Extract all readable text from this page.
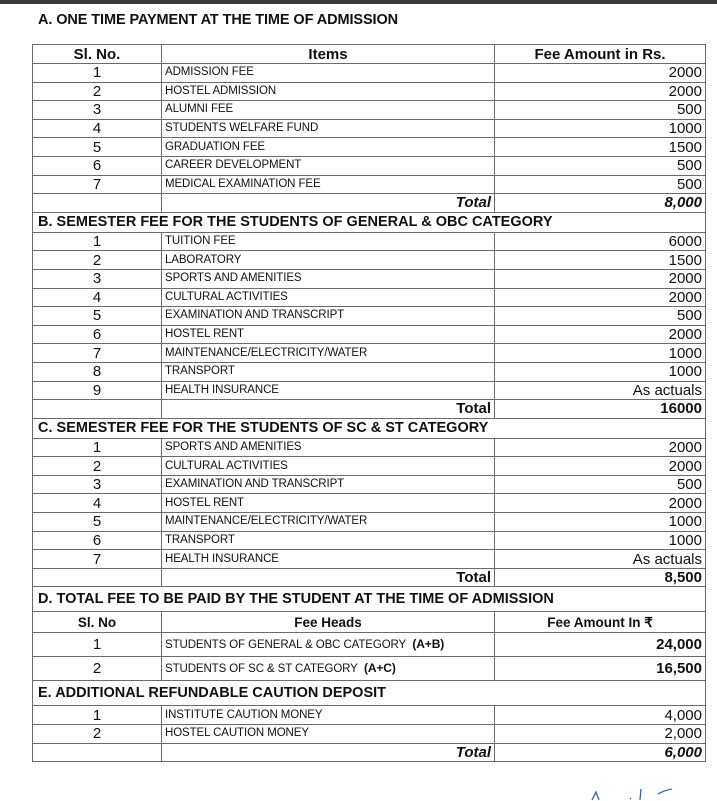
A. ONE TIME PAYMENT AT THE TIME OF ADMISSION
Sl. No.	Items	Fee Amount in Rs.
1	ADMISSION FEE	2000
2	HOSTEL ADMISSION	2000
3	ALUMNI FEE	500
4	STUDENTS WELFARE FUND	1000
5	GRADUATION FEE	1500
6	CAREER DEVELOPMENT	500
7	MEDICAL EXAMINATION FEE	500
	Total	8,000
B. SEMESTER FEE FOR THE STUDENTS OF GENERAL & OBC CATEGORY		
1	TUITION FEE	6000
2	LABORATORY	1500
3	SPORTS AND AMENITIES	2000
4	CULTURAL ACTIVITIES	2000
5	EXAMINATION AND TRANSCRIPT	500
6	HOSTEL RENT	2000
7	MAINTENANCE/ELECTRICITY/WATER	1000
8	TRANSPORT	1000
9	HEALTH INSURANCE	As actuals
	Total	16000
C. SEMESTER FEE FOR THE STUDENTS OF SC & ST CATEGORY		
1	SPORTS AND AMENITIES	2000
2	CULTURAL ACTIVITIES	2000
3	EXAMINATION AND TRANSCRIPT	500
4	HOSTEL RENT	2000
5	MAINTENANCE/ELECTRICITY/WATER	1000
6	TRANSPORT	1000
7	HEALTH INSURANCE	As actuals
	Total	8,500
D. TOTAL FEE TO BE PAID BY THE STUDENT AT THE TIME OF ADMISSION		
Sl. No	Fee Heads	Fee Amount In ₹
1	STUDENTS OF GENERAL & OBC CATEGORY (A+B)	24,000
2	STUDENTS OF SC & ST CATEGORY (A+C)	16,500
E. ADDITIONAL REFUNDABLE CAUTION DEPOSIT		
1	INSTITUTE CAUTION MONEY	4,000
2	HOSTEL CAUTION MONEY	2,000
	Total	6,000
